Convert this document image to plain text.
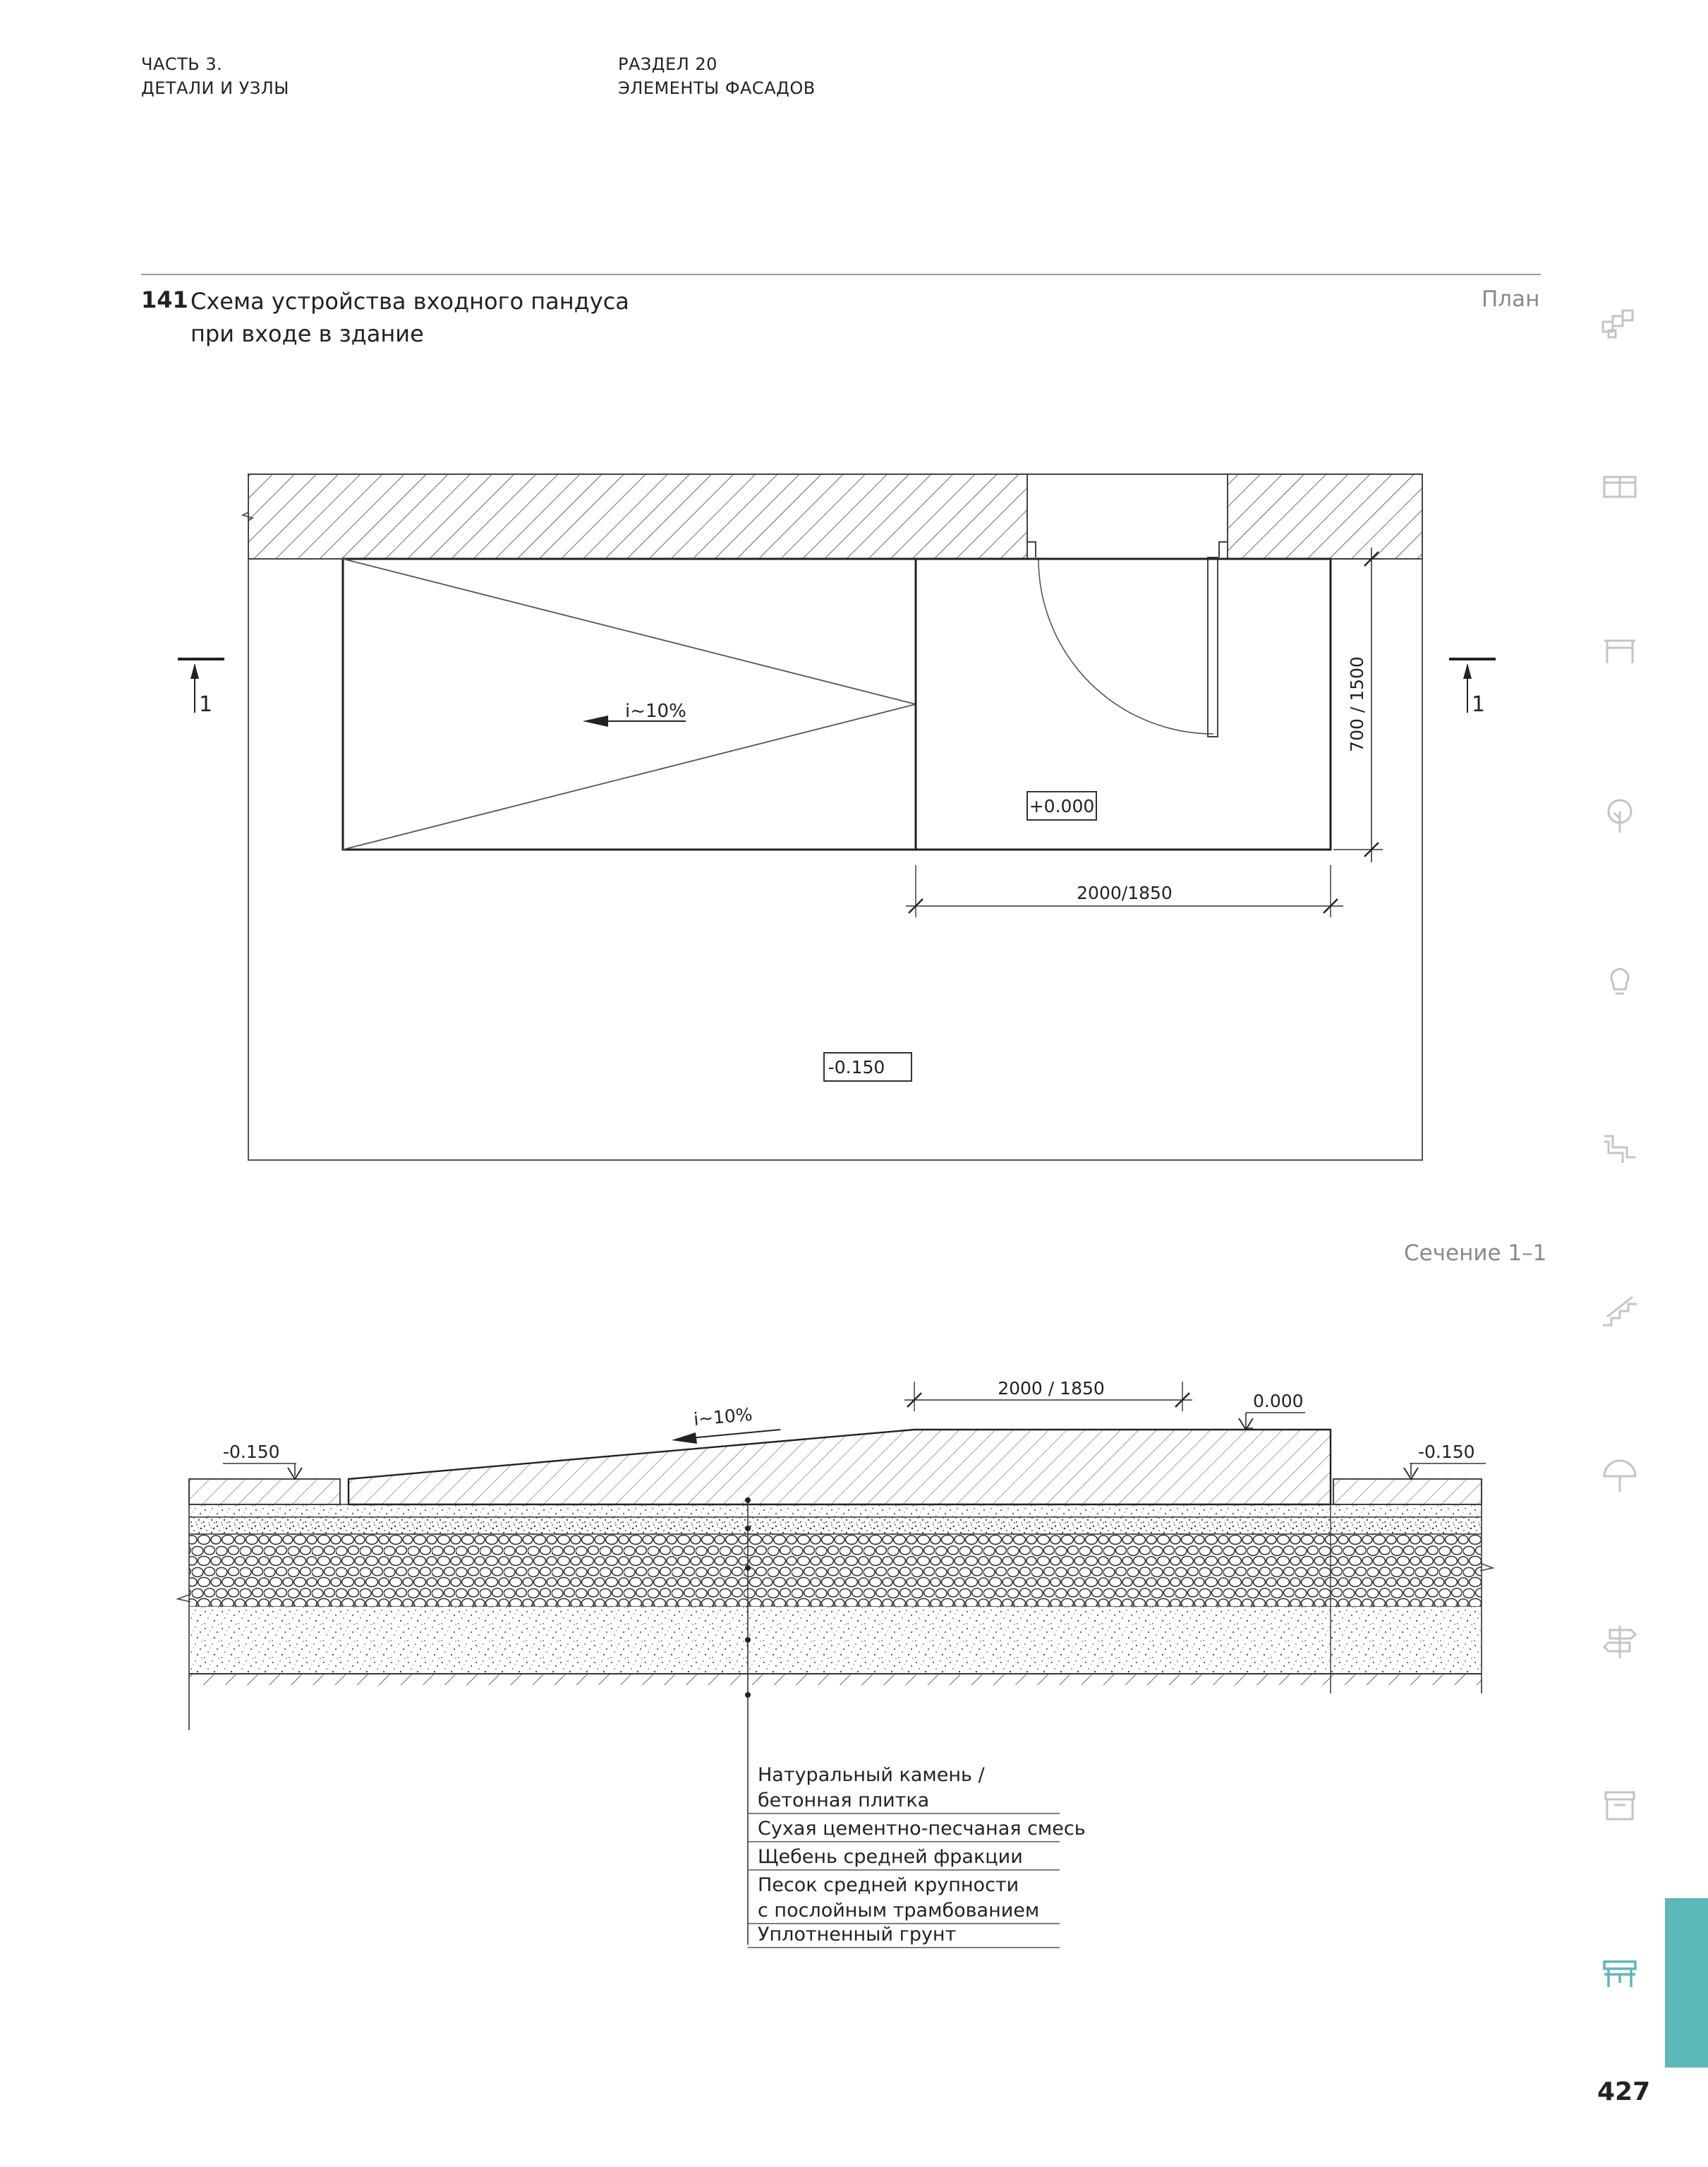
ЧАСТЬ 3.
ДЕТАЛИ И УЗЛЫ
РАЗДЕЛ 20
ЭЛЕМЕНТЫ ФАСАДОВ
141 Схема устройства входного пандуса
при входе в здание
План
Сечение 1–1
i~10%
+0.000
-0.150
700 / 1500
2000/1850
1	1
i~10%
2000 / 1850
0.000
-0.150	-0.150
Натуральный камень /
бетонная плитка
Сухая цементно-песчаная смесь
Щебень средней фракции
Песок средней крупности
с послойным трамбованием
Уплотненный грунт
427
